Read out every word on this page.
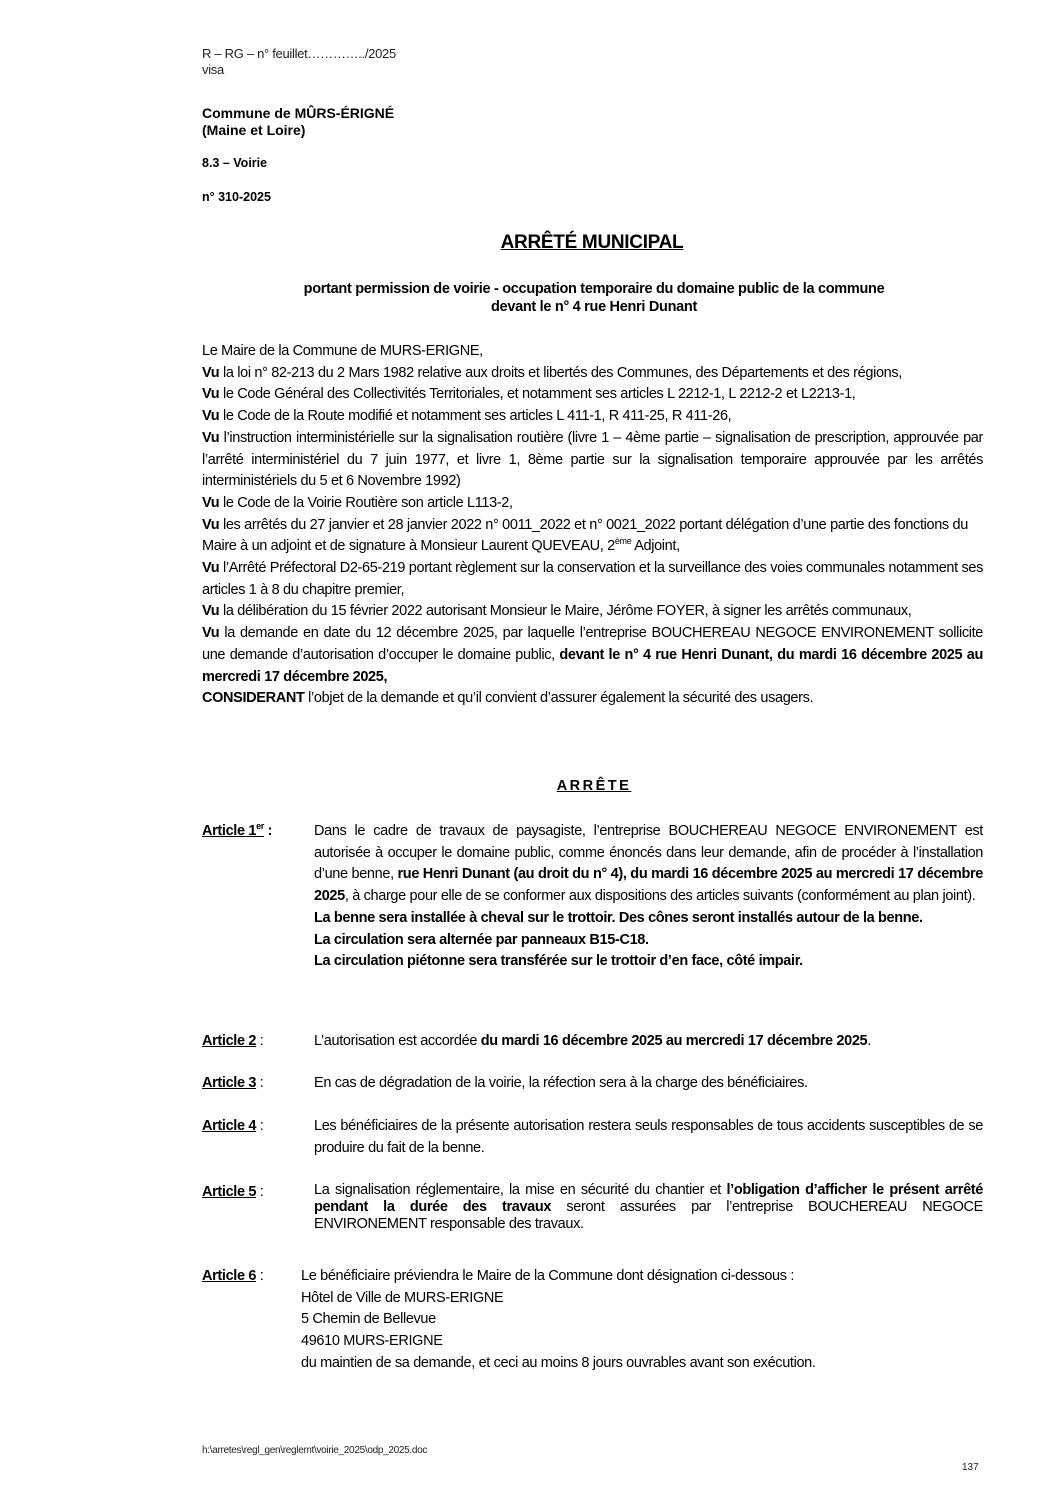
R – RG – n° feuillet…………../2025
visa
Commune de MÛRS-ÉRIGNÉ
(Maine et Loire)
8.3 – Voirie
n° 310-2025
ARRÊTÉ MUNICIPAL
portant permission de voirie - occupation temporaire du domaine public de la commune
devant le n° 4 rue Henri Dunant

Le Maire de la Commune de MURS-ERIGNE,

Vu la loi n° 82-213 du 2 Mars 1982 relative aux droits et libertés des Communes, des Départements et des régions,

Vu le Code Général des Collectivités Territoriales, et notamment ses articles L 2212-1, L 2212-2 et L2213-1,

Vu le Code de la Route modifié et notamment ses articles L 411-1, R 411-25, R 411-26,

Vu l’instruction interministérielle sur la signalisation routière (livre 1 – 4ème partie – signalisation de prescription, approuvée par l’arrêté interministériel du 7 juin 1977, et livre 1, 8ème partie sur la signalisation temporaire approuvée par les arrêtés interministériels du 5 et 6 Novembre 1992)

Vu le Code de la Voirie Routière son article L113-2,

Vu les arrêtés du 27 janvier et 28 janvier 2022 n° 0011_2022 et n° 0021_2022 portant délégation d’une partie des fonctions du Maire à un adjoint et de signature à Monsieur Laurent QUEVEAU, 2ème Adjoint,

Vu l’Arrêté Préfectoral D2-65-219 portant règlement sur la conservation et la surveillance des voies communales notamment ses articles 1 à 8 du chapitre premier,

Vu la délibération du 15 février 2022 autorisant Monsieur le Maire, Jérôme FOYER, à signer les arrêtés communaux,

Vu la demande en date du 12 décembre 2025, par laquelle l’entreprise BOUCHEREAU NEGOCE ENVIRONEMENT sollicite une demande d’autorisation d’occuper le domaine public, devant le n° 4 rue Henri Dunant, du mardi 16 décembre 2025 au mercredi 17 décembre 2025,

CONSIDERANT l’objet de la demande et qu’il convient d’assurer également la sécurité des usagers.

ARRÊTE
Article 1er :	Dans le cadre de travaux de paysagiste, l’entreprise BOUCHEREAU NEGOCE ENVIRONEMENT est autorisée à occuper le domaine public, comme énoncés dans leur demande, afin de procéder à l’installation d’une benne, rue Henri Dunant (au droit du n° 4), du mardi 16 décembre 2025 au mercredi 17 décembre 2025, à charge pour elle de se conformer aux dispositions des articles suivants (conformément au plan joint).

La benne sera installée à cheval sur le trottoir. Des cônes seront installés autour de la benne.

La circulation sera alternée par panneaux B15-C18.

La circulation piétonne sera transférée sur le trottoir d’en face, côté impair.

Article 2 :	L’autorisation est accordée du mardi 16 décembre 2025 au mercredi 17 décembre 2025.

Article 3 :	En cas de dégradation de la voirie, la réfection sera à la charge des bénéficiaires.

Article 4 :	Les bénéficiaires de la présente autorisation restera seuls responsables de tous accidents susceptibles de se produire du fait de la benne.

Article 5 :	La signalisation réglementaire, la mise en sécurité du chantier et l’obligation d’afficher le présent arrêté pendant la durée des travaux seront assurées par l’entreprise BOUCHEREAU NEGOCE ENVIRONEMENT responsable des travaux.

Article 6 :	Le bénéficiaire préviendra le Maire de la Commune dont désignation ci-dessous :

Hôtel de Ville de MURS-ERIGNE

5 Chemin de Bellevue

49610 MURS-ERIGNE

du maintien de sa demande, et ceci au moins 8 jours ouvrables avant son exécution.

h:\arretes\regl_gen\reglemt\voirie_2025\odp_2025.doc
137
